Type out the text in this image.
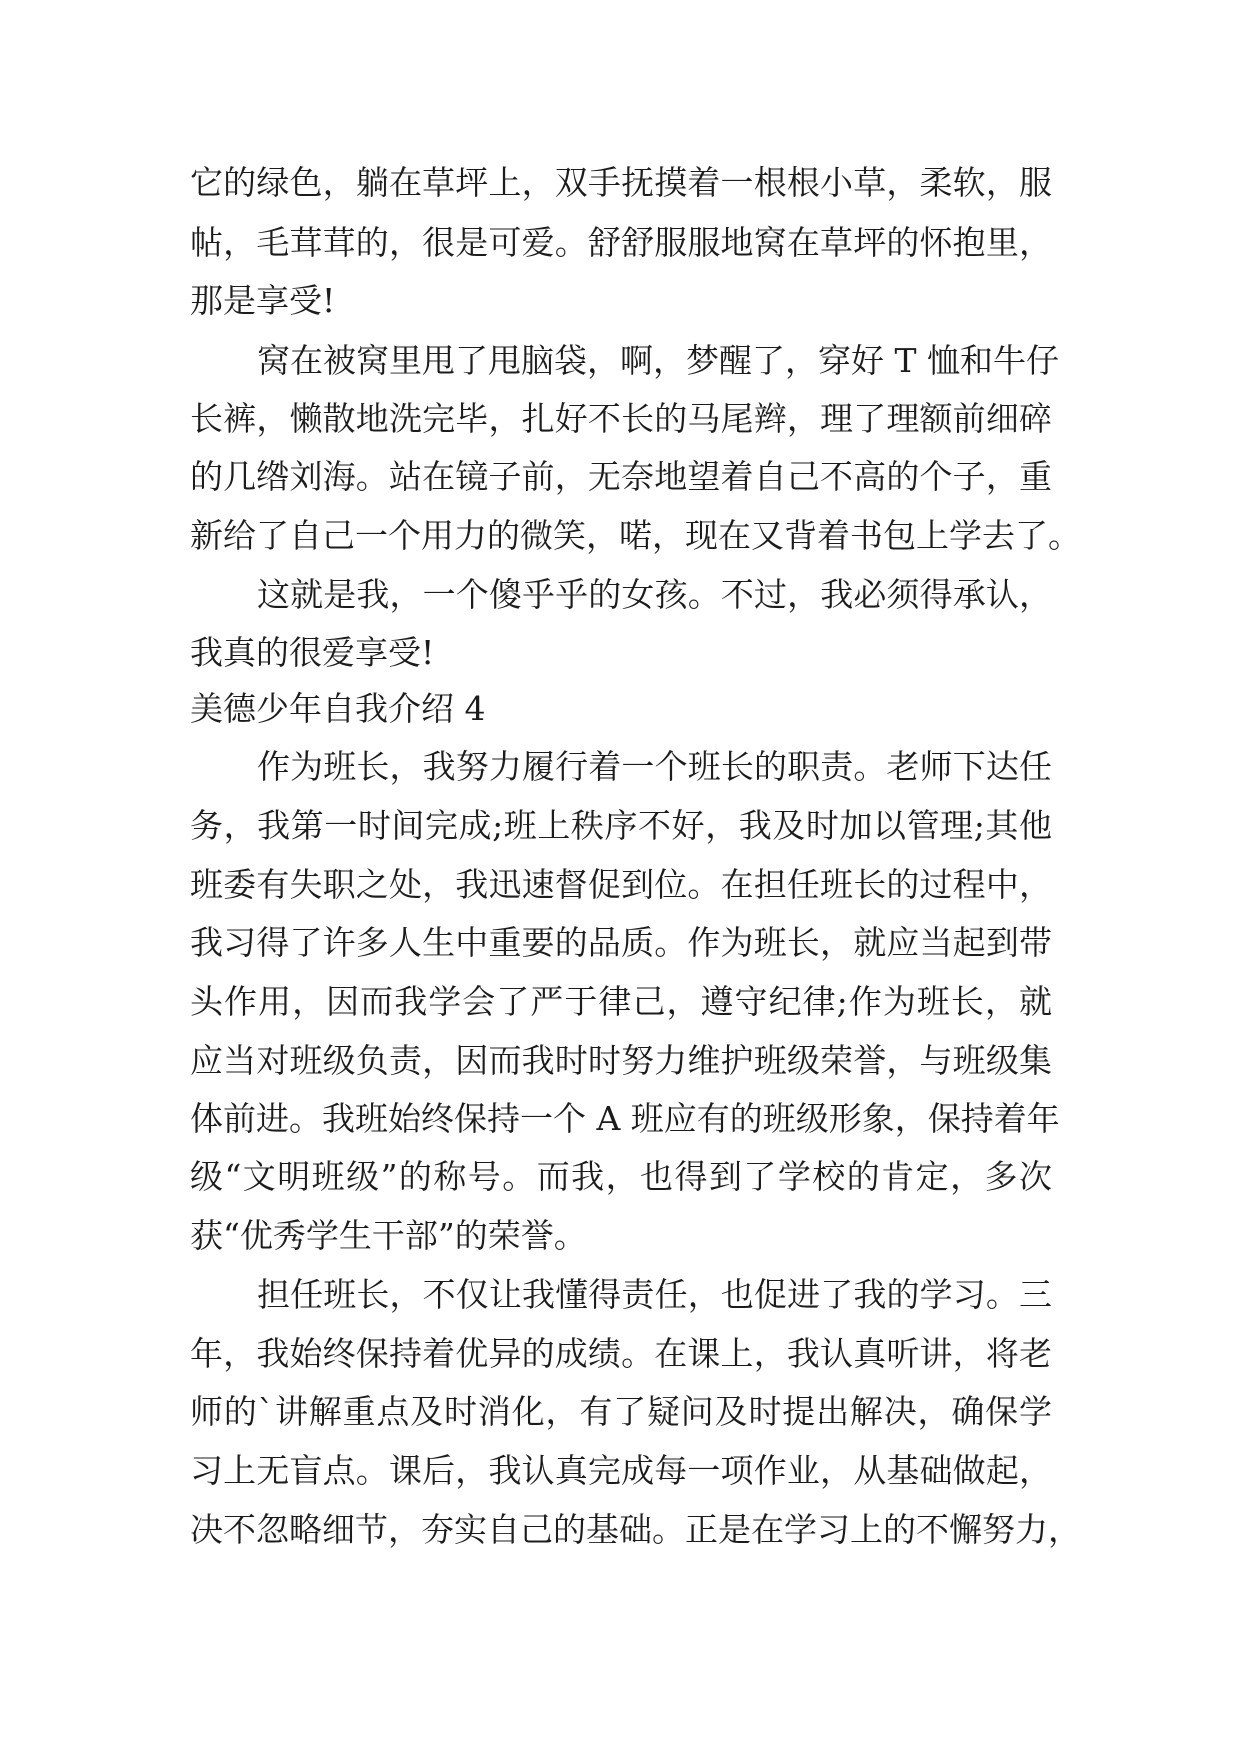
它的绿色，躺在草坪上，双手抚摸着一根根小草，柔软，服
帖，毛茸茸的，很是可爱。舒舒服服地窝在草坪的怀抱里，
那是享受!
窝在被窝里甩了甩脑袋，啊，梦醒了，穿好 T 恤和牛仔
长裤，懒散地洗完毕，扎好不长的马尾辫，理了理额前细碎
的几绺刘海。站在镜子前，无奈地望着自己不高的个子，重
新给了自己一个用力的微笑，喏，现在又背着书包上学去了。
这就是我，一个傻乎乎的女孩。不过，我必须得承认，
我真的很爱享受!
美德少年自我介绍 4
作为班长，我努力履行着一个班长的职责。老师下达任
务，我第一时间完成;班上秩序不好，我及时加以管理;其他
班委有失职之处，我迅速督促到位。在担任班长的过程中，
我习得了许多人生中重要的品质。作为班长，就应当起到带
头作用，因而我学会了严于律己，遵守纪律;作为班长，就
应当对班级负责，因而我时时努力维护班级荣誉，与班级集
体前进。我班始终保持一个 A 班应有的班级形象，保持着年
级“文明班级”的称号。而我，也得到了学校的肯定，多次
获“优秀学生干部”的荣誉。
担任班长，不仅让我懂得责任，也促进了我的学习。三
年，我始终保持着优异的成绩。在课上，我认真听讲，将老
师的`讲解重点及时消化，有了疑问及时提出解决，确保学
习上无盲点。课后，我认真完成每一项作业，从基础做起，
决不忽略细节，夯实自己的基础。正是在学习上的不懈努力，
